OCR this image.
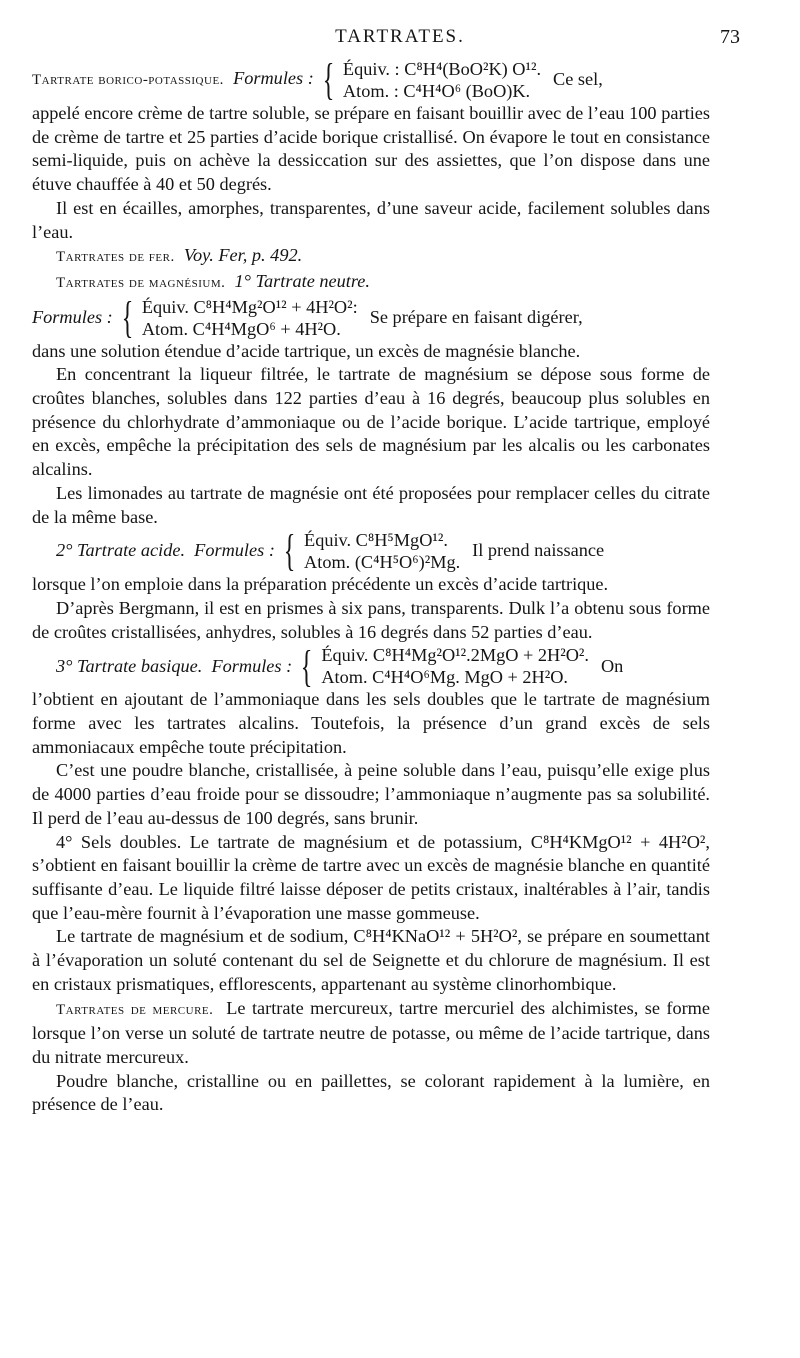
TARTRATES.	73
Tartrate borico-potassique. Formules : { Équiv. : C⁸H⁴(BoO²K) O¹².
Atom. : C⁴H⁴O⁶ (BoO)K.
Ce sel,

appelé encore crème de tartre soluble, se prépare en faisant bouillir avec de l’eau 100 parties de crème de tartre et 25 parties d’acide borique cristallisé. On évapore le tout en consistance semi-liquide, puis on achève la dessiccation sur des assiettes, que l’on dispose dans une étuve chauffée à 40 et 50 degrés.

Il est en écailles, amorphes, transparentes, d’une saveur acide, facilement solubles dans l’eau.

Tartrates de fer. Voy. Fer, p. 492.

Tartrates de magnésium. 1° Tartrate neutre.

Formules : { Équiv. C⁸H⁴Mg²O¹² + 4H²O²:
Atom. C⁴H⁴MgO⁶ + 4H²O.
Se prépare en faisant digérer,

dans une solution étendue d’acide tartrique, un excès de magnésie blanche.

En concentrant la liqueur filtrée, le tartrate de magnésium se dépose sous forme de croûtes blanches, solubles dans 122 parties d’eau à 16 degrés, beaucoup plus solubles en présence du chlorhydrate d’ammoniaque ou de l’acide borique. L’acide tartrique, employé en excès, empêche la précipitation des sels de magnésium par les alcalis ou les carbonates alcalins.

Les limonades au tartrate de magnésie ont été proposées pour remplacer celles du citrate de la même base.

2° Tartrate acide. Formules : { Équiv. C⁸H⁵MgO¹².
Atom. (C⁴H⁵O⁶)²Mg.
Il prend naissance

lorsque l’on emploie dans la préparation précédente un excès d’acide tartrique.

D’après Bergmann, il est en prismes à six pans, transparents. Dulk l’a obtenu sous forme de croûtes cristallisées, anhydres, solubles à 16 degrés dans 52 parties d’eau.

3° Tartrate basique. Formules : { Équiv. C⁸H⁴Mg²O¹².2MgO + 2H²O².
Atom. C⁴H⁴O⁶Mg. MgO + 2H²O.
On

l’obtient en ajoutant de l’ammoniaque dans les sels doubles que le tartrate de magnésium forme avec les tartrates alcalins. Toutefois, la présence d’un grand excès de sels ammoniacaux empêche toute précipitation.

C’est une poudre blanche, cristallisée, à peine soluble dans l’eau, puisqu’elle exige plus de 4000 parties d’eau froide pour se dissoudre; l’ammoniaque n’augmente pas sa solubilité. Il perd de l’eau au-dessus de 100 degrés, sans brunir.

4° Sels doubles. Le tartrate de magnésium et de potassium, C⁸H⁴KMgO¹² + 4H²O², s’obtient en faisant bouillir la crème de tartre avec un excès de magnésie blanche en quantité suffisante d’eau. Le liquide filtré laisse déposer de petits cristaux, inaltérables à l’air, tandis que l’eau-mère fournit à l’évaporation une masse gommeuse.

Le tartrate de magnésium et de sodium, C⁸H⁴KNaO¹² + 5H²O², se prépare en soumettant à l’évaporation un soluté contenant du sel de Seignette et du chlorure de magnésium. Il est en cristaux prismatiques, efflorescents, appartenant au système clinorhombique.

Tartrates de mercure. Le tartrate mercureux, tartre mercuriel des alchimistes, se forme lorsque l’on verse un soluté de tartrate neutre de potasse, ou même de l’acide tartrique, dans du nitrate mercureux.

Poudre blanche, cristalline ou en paillettes, se colorant rapidement à la lumière, en présence de l’eau.
